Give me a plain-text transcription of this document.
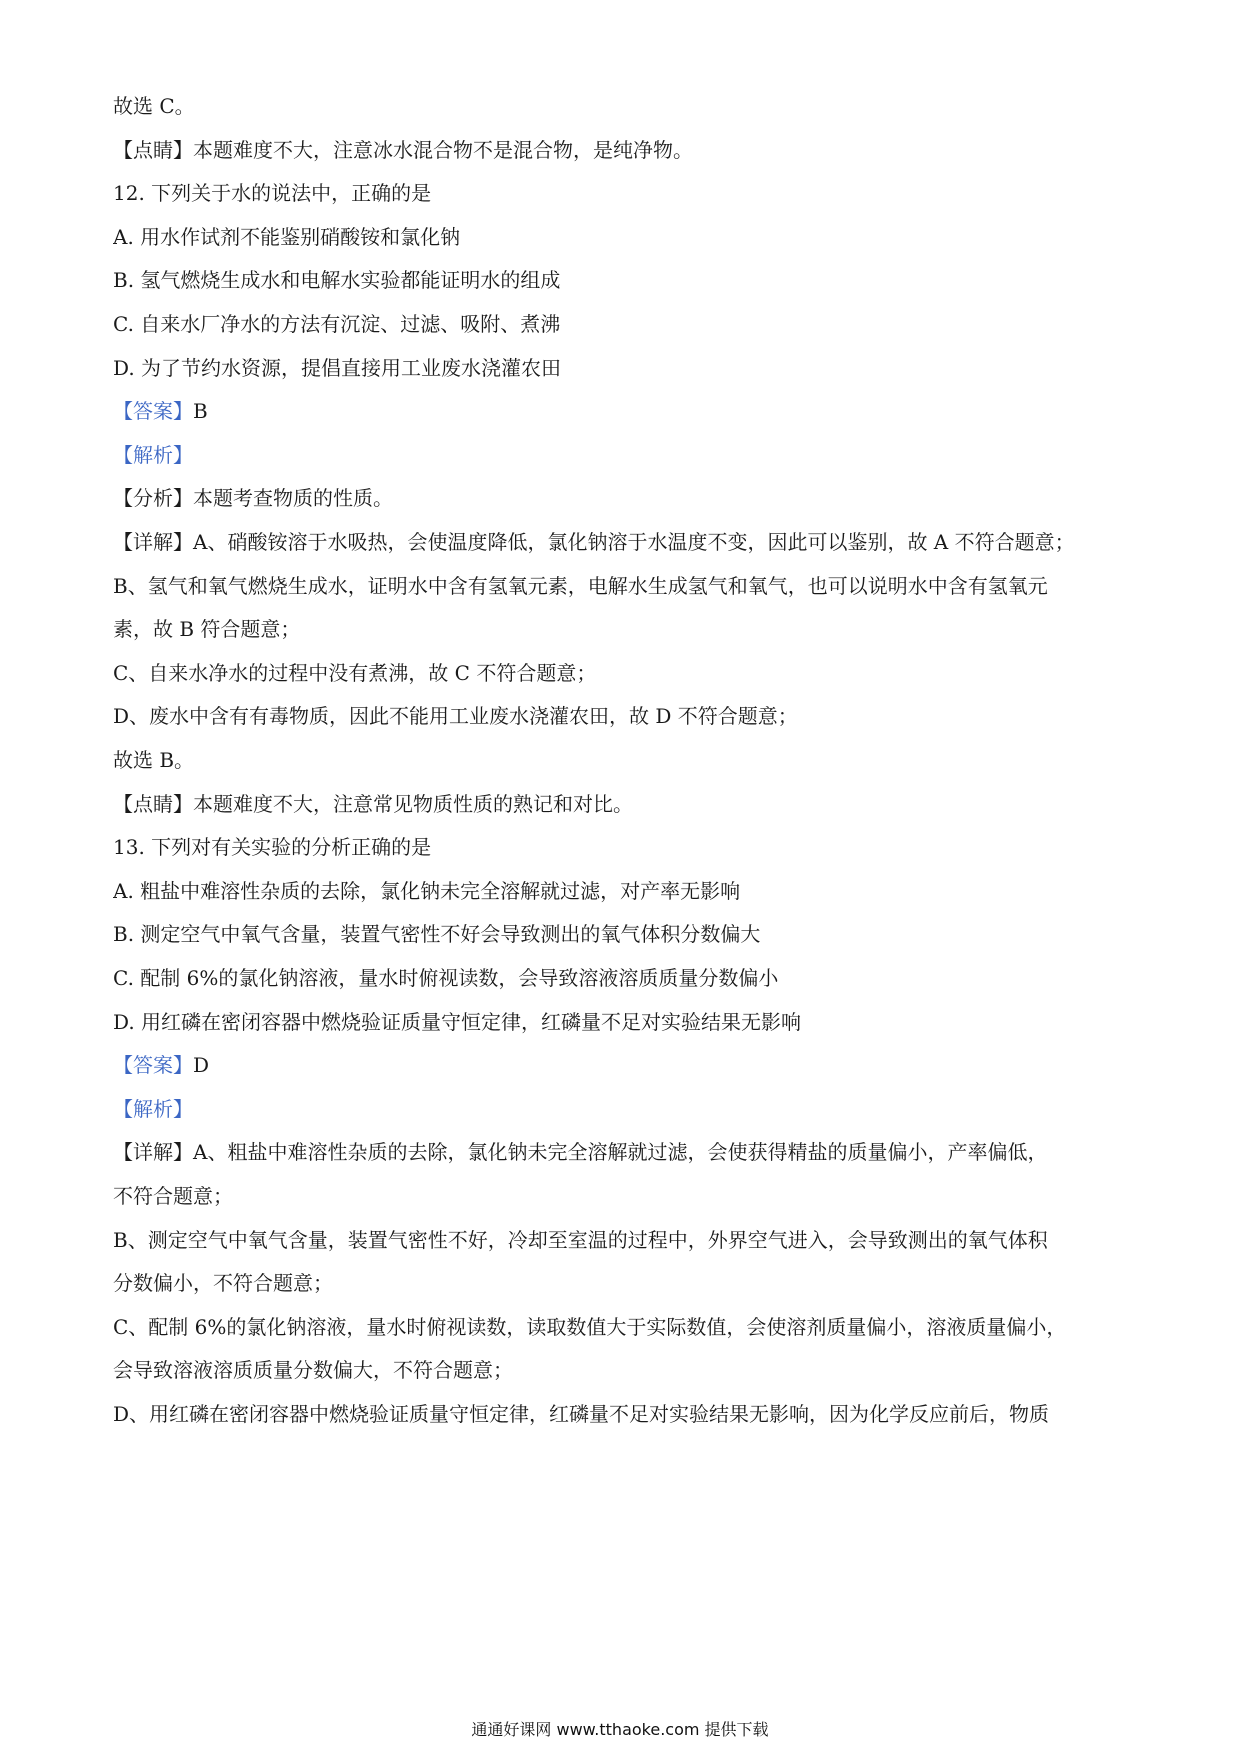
故选 C。
【点睛】本题难度不大，注意冰水混合物不是混合物，是纯净物。
12. 下列关于水的说法中，正确的是
A. 用水作试剂不能鉴别硝酸铵和氯化钠
B. 氢气燃烧生成水和电解水实验都能证明水的组成
C. 自来水厂净水的方法有沉淀、过滤、吸附、煮沸
D. 为了节约水资源，提倡直接用工业废水浇灌农田
【答案】B
【解析】
【分析】本题考查物质的性质。
【详解】A、硝酸铵溶于水吸热，会使温度降低，氯化钠溶于水温度不变，因此可以鉴别，故 A 不符合题意；
B、氢气和氧气燃烧生成水，证明水中含有氢氧元素，电解水生成氢气和氧气，也可以说明水中含有氢氧元
素，故 B 符合题意；
C、自来水净水的过程中没有煮沸，故 C 不符合题意；
D、废水中含有有毒物质，因此不能用工业废水浇灌农田，故 D 不符合题意；
故选 B。
【点睛】本题难度不大，注意常见物质性质的熟记和对比。
13. 下列对有关实验的分析正确的是
A. 粗盐中难溶性杂质的去除，氯化钠未完全溶解就过滤，对产率无影响
B. 测定空气中氧气含量，装置气密性不好会导致测出的氧气体积分数偏大
C. 配制 6%的氯化钠溶液，量水时俯视读数，会导致溶液溶质质量分数偏小
D. 用红磷在密闭容器中燃烧验证质量守恒定律，红磷量不足对实验结果无影响
【答案】D
【解析】
【详解】A、粗盐中难溶性杂质的去除，氯化钠未完全溶解就过滤，会使获得精盐的质量偏小，产率偏低，
不符合题意；
B、测定空气中氧气含量，装置气密性不好，冷却至室温的过程中，外界空气进入，会导致测出的氧气体积
分数偏小，不符合题意；
C、配制 6%的氯化钠溶液，量水时俯视读数，读取数值大于实际数值，会使溶剂质量偏小，溶液质量偏小，
会导致溶液溶质质量分数偏大，不符合题意；
D、用红磷在密闭容器中燃烧验证质量守恒定律，红磷量不足对实验结果无影响，因为化学反应前后，物质
通通好课网 www.tthaoke.com 提供下载
